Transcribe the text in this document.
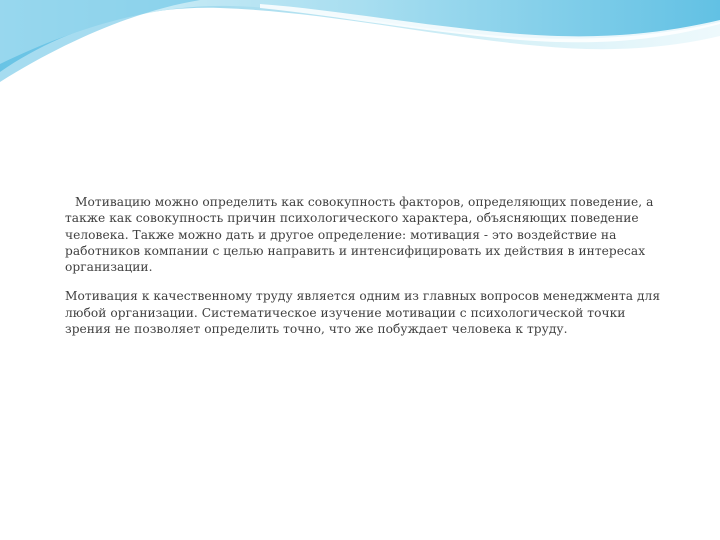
Мотивацию можно определить как совокупность факторов, определяющих поведение, а также как совокупность причин психологического характера, объясняющих поведение человека. Также можно дать и другое определение: мотивация - это воздействие на работников компании с целью направить и интенсифицировать их действия в интересах организации.

Мотивация к качественному труду является одним из главных вопросов менеджмента для любой организации. Систематическое изучение мотивации с психологической точки зрения не позволяет определить точно, что же побуждает человека к труду.
